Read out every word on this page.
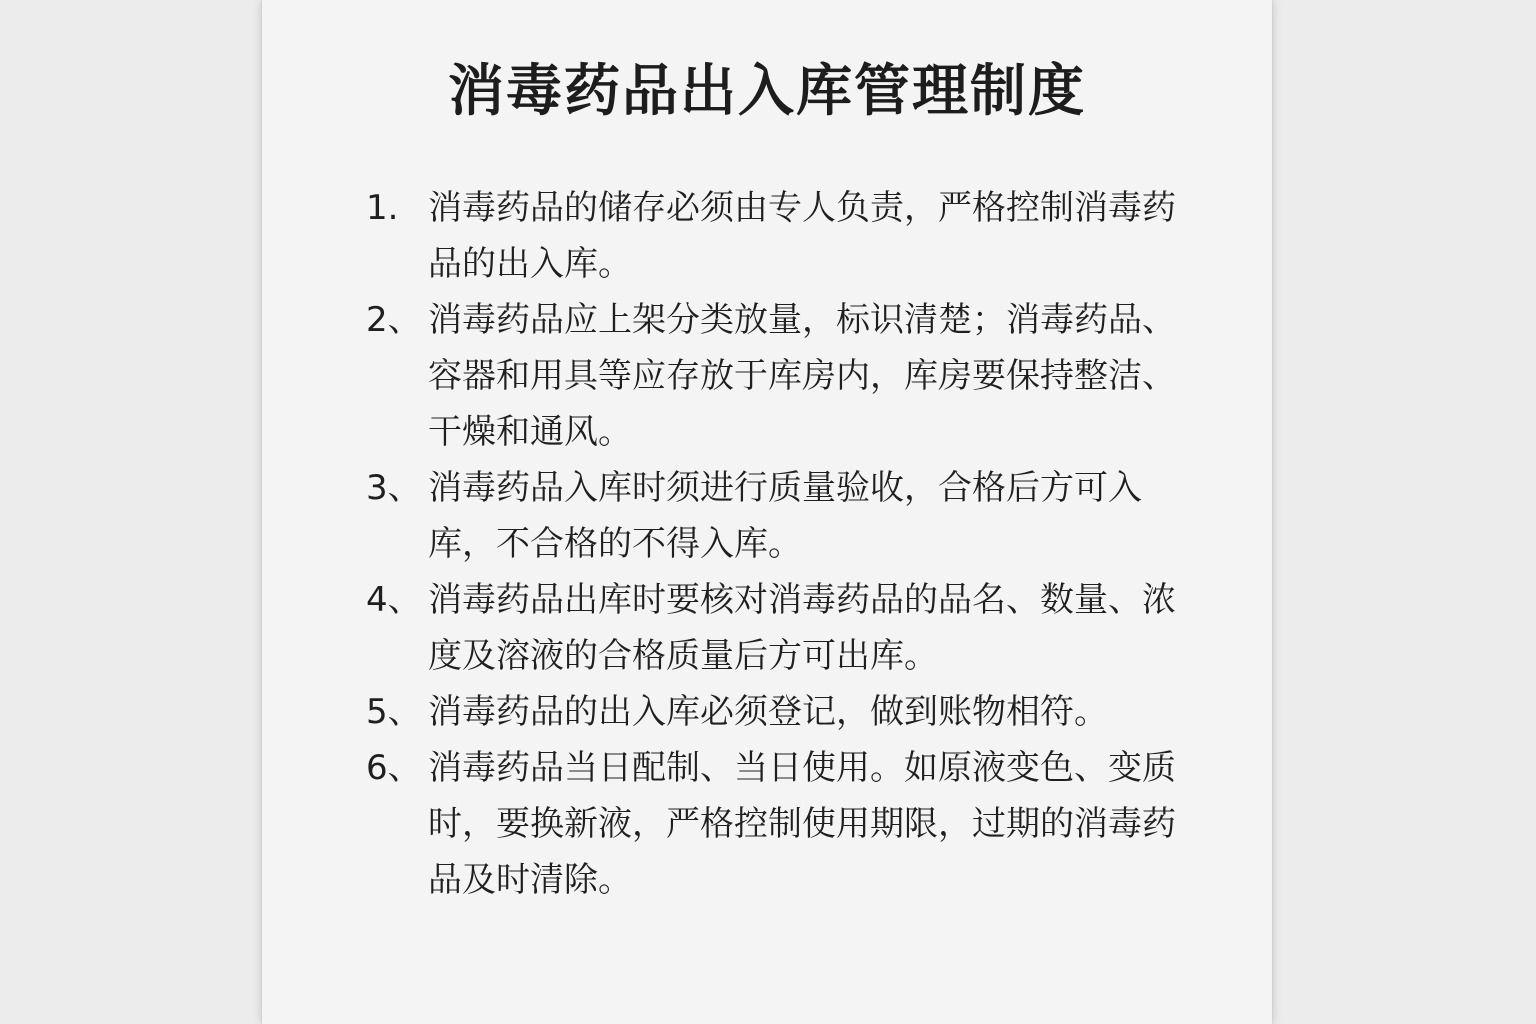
消毒药品出入库管理制度
1. 消毒药品的储存必须由专人负责，严格控制消毒药品的出入库。
2、 消毒药品应上架分类放量，标识清楚；消毒药品、容器和用具等应存放于库房内，库房要保持整洁、干燥和通风。
3、 消毒药品入库时须进行质量验收，合格后方可入库，不合格的不得入库。
4、 消毒药品出库时要核对消毒药品的品名、数量、浓度及溶液的合格质量后方可出库。
5、 消毒药品的出入库必须登记，做到账物相符。
6、 消毒药品当日配制、当日使用。如原液变色、变质时，要换新液，严格控制使用期限，过期的消毒药品及时清除。
